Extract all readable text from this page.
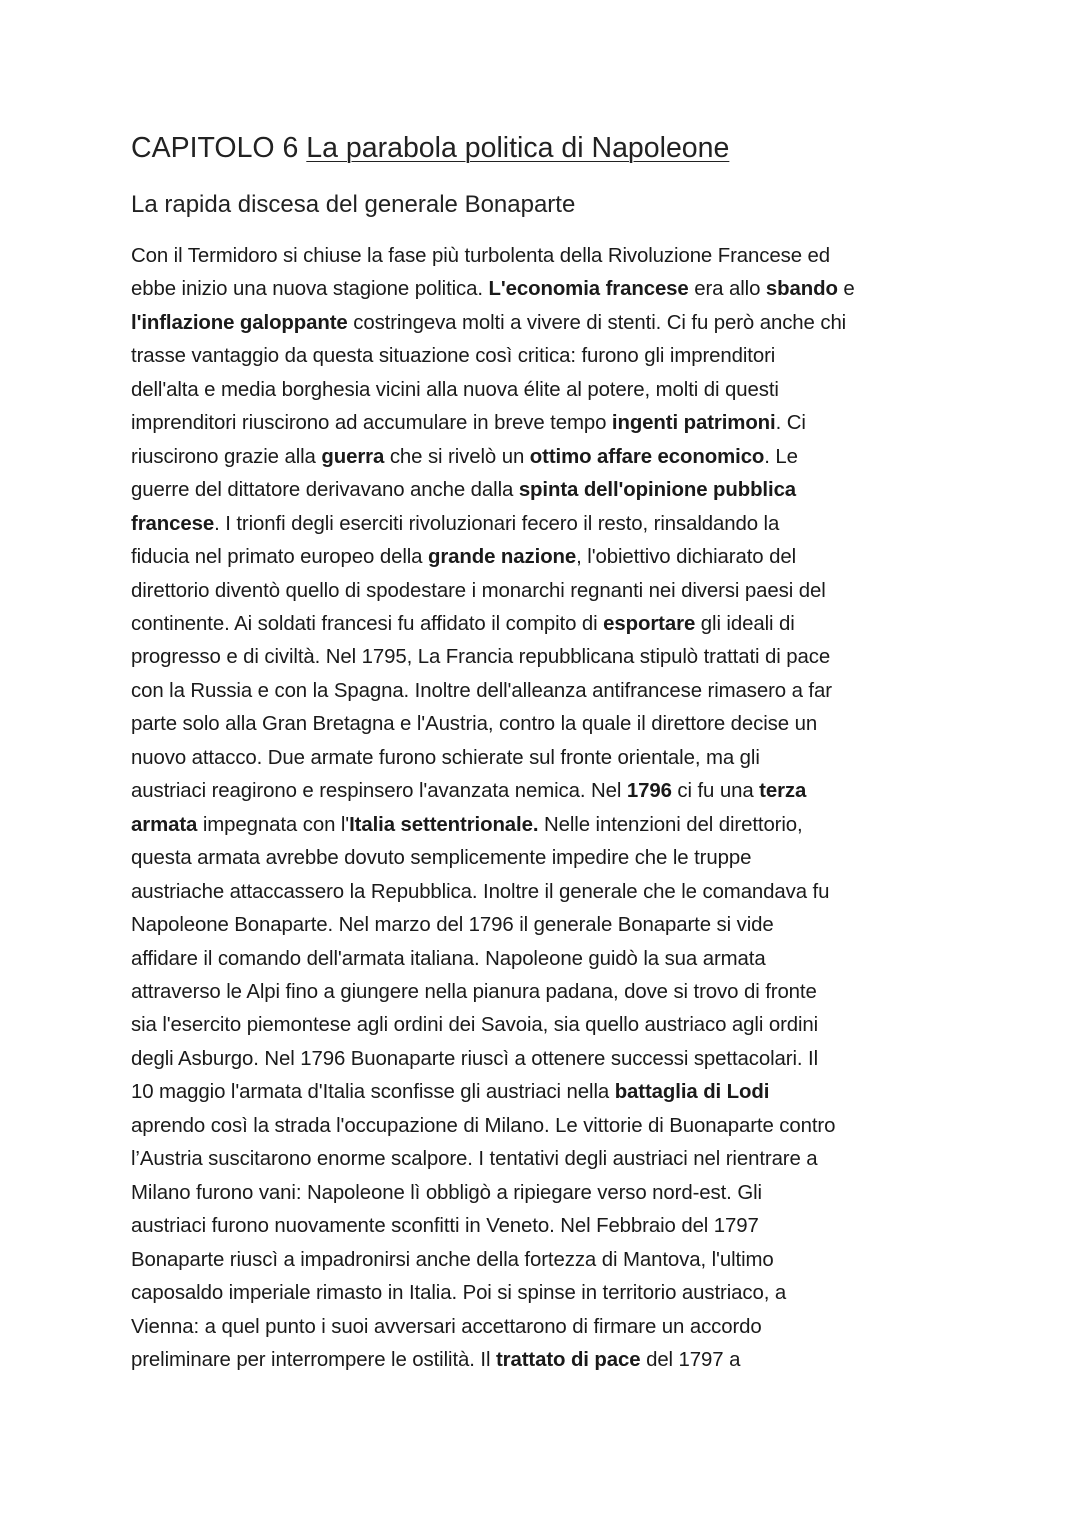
CAPITOLO 6 La parabola politica di Napoleone
La rapida discesa del generale Bonaparte
Con il Termidoro si chiuse la fase più turbolenta della Rivoluzione Francese ed
ebbe inizio una nuova stagione politica. L'economia francese era allo sbando e
l'inflazione galoppante costringeva molti a vivere di stenti. Ci fu però anche chi
trasse vantaggio da questa situazione così critica: furono gli imprenditori
dell'alta e media borghesia vicini alla nuova élite al potere, molti di questi
imprenditori riuscirono ad accumulare in breve tempo ingenti patrimoni. Ci
riuscirono grazie alla guerra che si rivelò un ottimo affare economico. Le
guerre del dittatore derivavano anche dalla spinta dell'opinione pubblica
francese. I trionfi degli eserciti rivoluzionari fecero il resto, rinsaldando la
fiducia nel primato europeo della grande nazione, l'obiettivo dichiarato del
direttorio diventò quello di spodestare i monarchi regnanti nei diversi paesi del
continente. Ai soldati francesi fu affidato il compito di esportare gli ideali di
progresso e di civiltà. Nel 1795, La Francia repubblicana stipulò trattati di pace
con la Russia e con la Spagna. Inoltre dell'alleanza antifrancese rimasero a far
parte solo alla Gran Bretagna e l'Austria, contro la quale il direttore decise un
nuovo attacco. Due armate furono schierate sul fronte orientale, ma gli
austriaci reagirono e respinsero l'avanzata nemica. Nel 1796 ci fu una terza
armata impegnata con l'Italia settentrionale. Nelle intenzioni del direttorio,
questa armata avrebbe dovuto semplicemente impedire che le truppe
austriache attaccassero la Repubblica. Inoltre il generale che le comandava fu
Napoleone Bonaparte. Nel marzo del 1796 il generale Bonaparte si vide
affidare il comando dell'armata italiana. Napoleone guidò la sua armata
attraverso le Alpi fino a giungere nella pianura padana, dove si trovo di fronte
sia l'esercito piemontese agli ordini dei Savoia, sia quello austriaco agli ordini
degli Asburgo. Nel 1796 Buonaparte riuscì a ottenere successi spettacolari. Il
10 maggio l'armata d'Italia sconfisse gli austriaci nella battaglia di Lodi
aprendo così la strada l'occupazione di Milano. Le vittorie di Buonaparte contro
l’Austria suscitarono enorme scalpore. I tentativi degli austriaci nel rientrare a
Milano furono vani: Napoleone lì obbligò a ripiegare verso nord-est. Gli
austriaci furono nuovamente sconfitti in Veneto. Nel Febbraio del 1797
Bonaparte riuscì a impadronirsi anche della fortezza di Mantova, l'ultimo
caposaldo imperiale rimasto in Italia. Poi si spinse in territorio austriaco, a
Vienna: a quel punto i suoi avversari accettarono di firmare un accordo
preliminare per interrompere le ostilità. Il trattato di pace del 1797 a
